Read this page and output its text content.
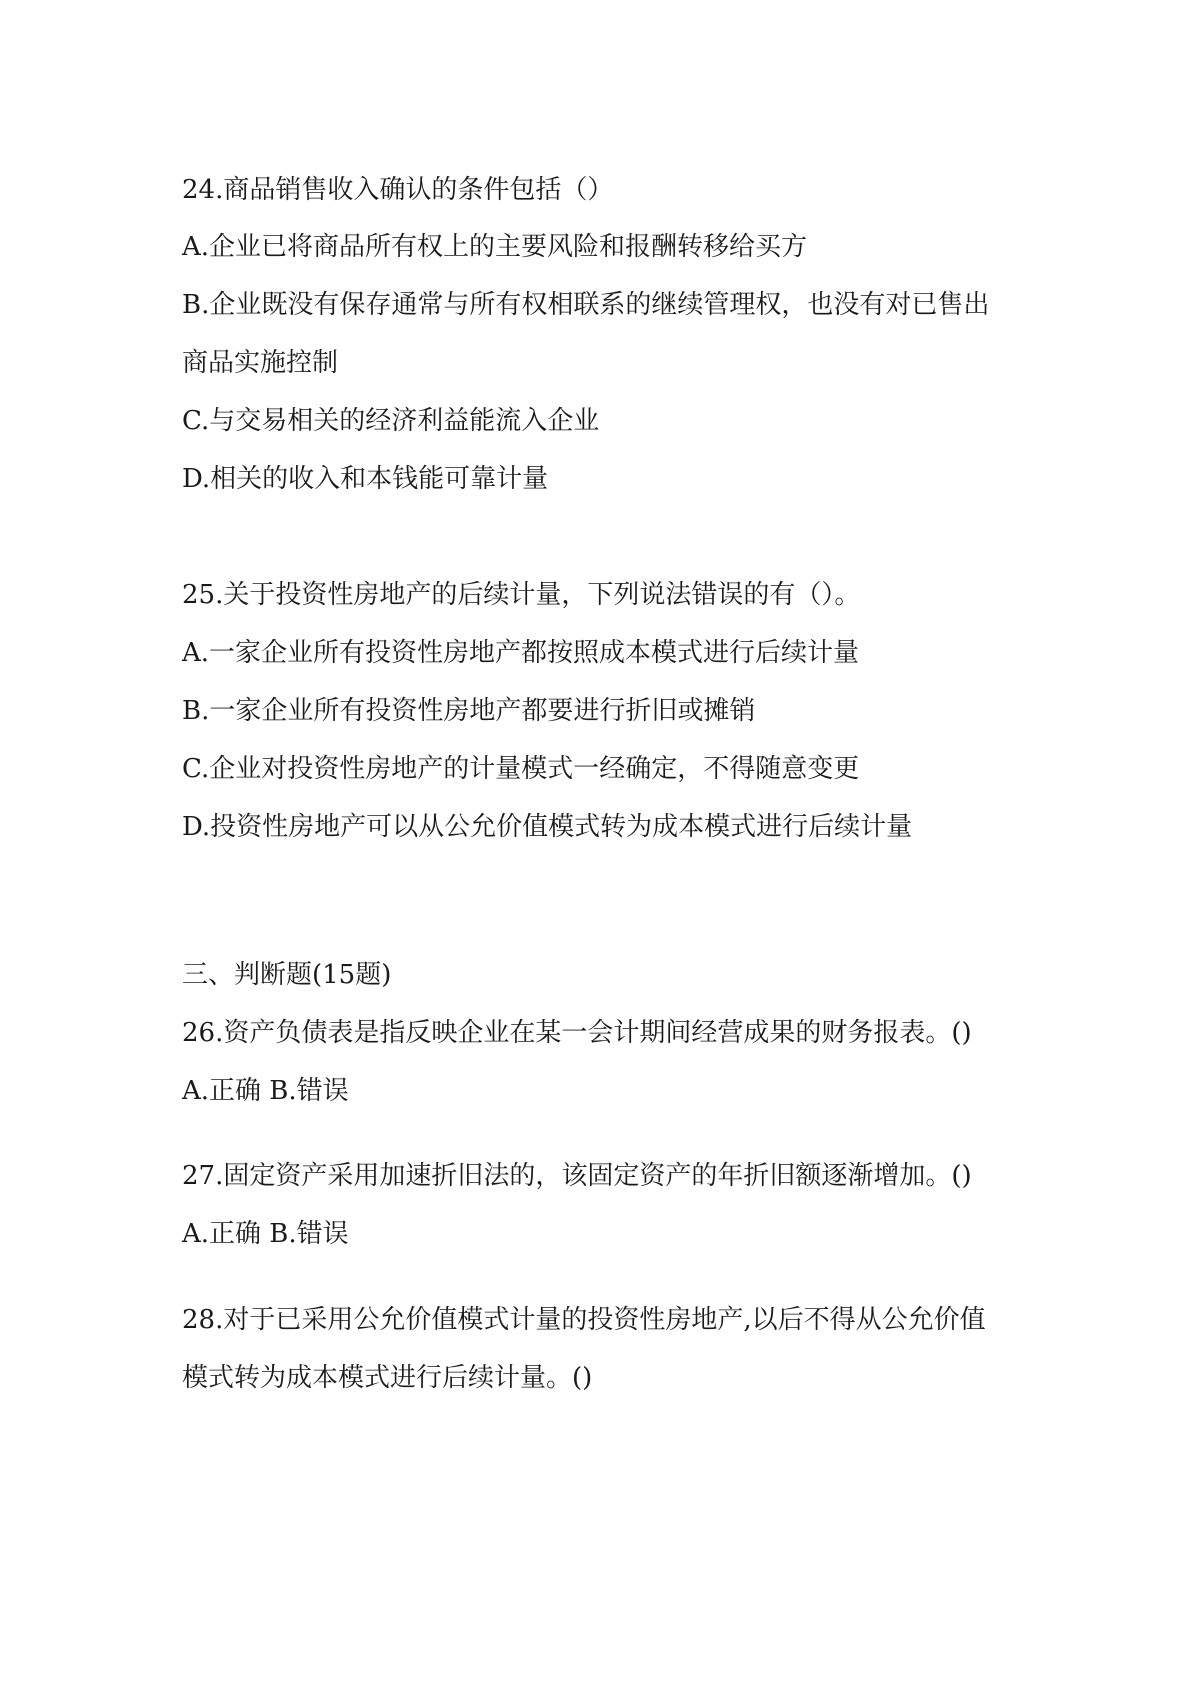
24.商品销售收入确认的条件包括（）
A.企业已将商品所有权上的主要风险和报酬转移给买方
B.企业既没有保存通常与所有权相联系的继续管理权，也没有对已售出
商品实施控制
C.与交易相关的经济利益能流入企业
D.相关的收入和本钱能可靠计量
25.关于投资性房地产的后续计量，下列说法错误的有（）。
A.一家企业所有投资性房地产都按照成本模式进行后续计量
B.一家企业所有投资性房地产都要进行折旧或摊销
C.企业对投资性房地产的计量模式一经确定，不得随意变更
D.投资性房地产可以从公允价值模式转为成本模式进行后续计量
三、判断题(15题)
26.资产负债表是指反映企业在某一会计期间经营成果的财务报表。()
A.正确 B.错误
27.固定资产采用加速折旧法的，该固定资产的年折旧额逐渐增加。()
A.正确 B.错误
28.对于已采用公允价值模式计量的投资性房地产,以后不得从公允价值
模式转为成本模式进行后续计量。()
